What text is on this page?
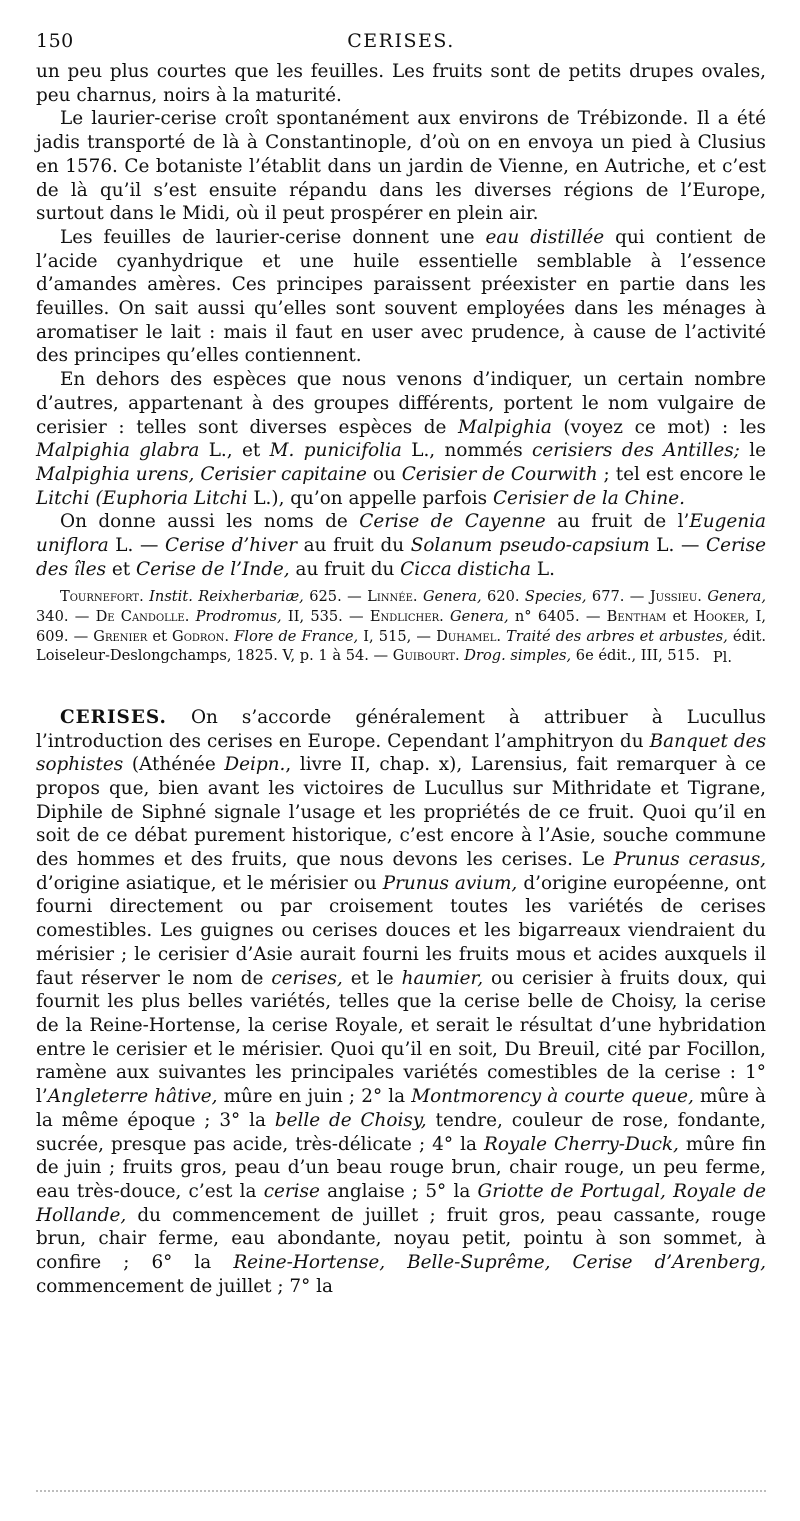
150	CERISES.

un peu plus courtes que les feuilles. Les fruits sont de petits drupes ovales, peu charnus, noirs à la maturité.

Le laurier-cerise croît spontanément aux environs de Trébizonde. Il a été jadis transporté de là à Constantinople, d’où on en envoya un pied à Clusius en 1576. Ce botaniste l’établit dans un jardin de Vienne, en Autriche, et c’est de là qu’il s’est ensuite répandu dans les diverses régions de l’Europe, surtout dans le Midi, où il peut prospérer en plein air.

Les feuilles de laurier-cerise donnent une eau distillée qui contient de l’acide cyanhydrique et une huile essentielle semblable à l’essence d’amandes amères. Ces principes paraissent préexister en partie dans les feuilles. On sait aussi qu’elles sont souvent employées dans les ménages à aromatiser le lait : mais il faut en user avec prudence, à cause de l’activité des principes qu’elles contiennent.

En dehors des espèces que nous venons d’indiquer, un certain nombre d’autres, appartenant à des groupes différents, portent le nom vulgaire de cerisier : telles sont diverses espèces de Malpighia (voyez ce mot) : les Malpighia glabra L., et M. punicifolia L., nommés cerisiers des Antilles; le Malpighia urens, Cerisier capitaine ou Cerisier de Courwith ; tel est encore le Litchi (Euphoria Litchi L.), qu’on appelle parfois Cerisier de la Chine.

On donne aussi les noms de Cerise de Cayenne au fruit de l’Eugenia uniflora L. — Cerise d’hiver au fruit du Solanum pseudo-capsium L. — Cerise des îles et Cerise de l’Inde, au fruit du Cicca disticha L.

Tournefort. Instit. Reixherbariæ, 625. — Linnée. Genera, 620. Species, 677. — Jussieu. Genera, 340. — De Candolle. Prodromus, II, 535. — Endlicher. Genera, n° 6405. — Bentham et Hooker, I, 609. — Grenier et Godron. Flore de France, I, 515, — Duhamel. Traité des arbres et arbustes, édit. Loiseleur-Deslongchamps, 1825. V, p. 1 à 54. — Guibourt. Drog. simples, 6e édit., III, 515. Pl.

CERISES. On s’accorde généralement à attribuer à Lucullus l’introduction des cerises en Europe. Cependant l’amphitryon du Banquet des sophistes (Athénée Deipn., livre II, chap. x), Larensius, fait remarquer à ce propos que, bien avant les victoires de Lucullus sur Mithridate et Tigrane, Diphile de Siphné signale l’usage et les propriétés de ce fruit. Quoi qu’il en soit de ce débat purement historique, c’est encore à l’Asie, souche commune des hommes et des fruits, que nous devons les cerises. Le Prunus cerasus, d’origine asiatique, et le mérisier ou Prunus avium, d’origine européenne, ont fourni directement ou par croisement toutes les variétés de cerises comestibles. Les guignes ou cerises douces et les bigarreaux viendraient du mérisier ; le cerisier d’Asie aurait fourni les fruits mous et acides auxquels il faut réserver le nom de cerises, et le haumier, ou cerisier à fruits doux, qui fournit les plus belles variétés, telles que la cerise belle de Choisy, la cerise de la Reine-Hortense, la cerise Royale, et serait le résultat d’une hybridation entre le cerisier et le mérisier. Quoi qu’il en soit, Du Breuil, cité par Focillon, ramène aux suivantes les principales variétés comestibles de la cerise : 1° l’Angleterre hâtive, mûre en juin ; 2° la Montmorency à courte queue, mûre à la même époque ; 3° la belle de Choisy, tendre, couleur de rose, fondante, sucrée, presque pas acide, très-délicate ; 4° la Royale Cherry-Duck, mûre fin de juin ; fruits gros, peau d’un beau rouge brun, chair rouge, un peu ferme, eau très-douce, c’est la cerise anglaise ; 5° la Griotte de Portugal, Royale de Hollande, du commencement de juillet ; fruit gros, peau cassante, rouge brun, chair ferme, eau abondante, noyau petit, pointu à son sommet, à confire ; 6° la Reine-Hortense, Belle-Suprême, Cerise d’Arenberg, commencement de juillet ; 7° la
